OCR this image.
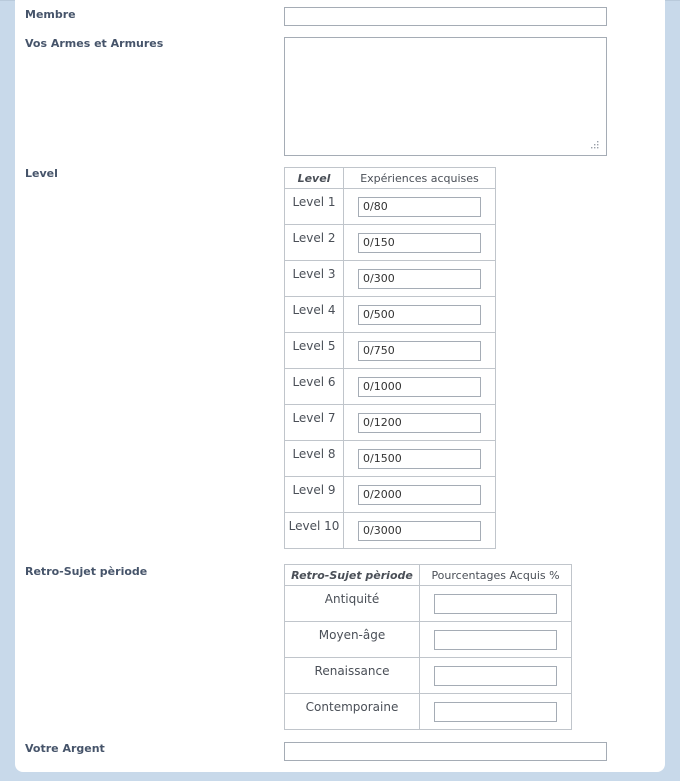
Membre
Vos Armes et Armures
Level	Level	Expériences acquises
Level 1	0/80
Level 2	0/150
Level 3	0/300
Level 4	0/500
Level 5	0/750
Level 6	0/1000
Level 7	0/1200
Level 8	0/1500
Level 9	0/2000
Level 10	0/3000
Retro-Sujet pèriode	Retro-Sujet pèriode	Pourcentages Acquis %
Antiquité	
Moyen-âge	
Renaissance	
Contemporaine	
Votre Argent
